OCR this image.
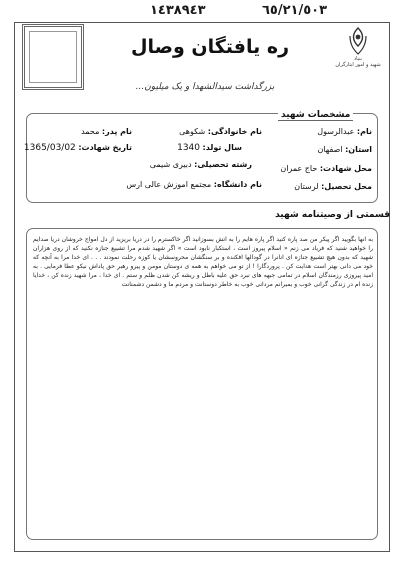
١٤٣٨٩٤٣	٦٥/٢١/٥٠٣
بنیاد
شهید و امور ایثارگران
ره یافتگان وصال
بزرگداشت سیدالشهدا و یک میلیون...
مشخصات شهید
نام: عبدالرسول
نام خانوادگی: شکوهی
نام پدر: محمد
استان: اصفهان
سال تولد: 1340
تاریخ شهادت: 1365/03/02
محل شهادت: حاج عمران
رشته تحصیلی: دبیری شیمی
محل تحصیل: لرستان
نام دانشگاه: مجتمع اموزش عالی ارس
قسمتی از وصیتنامه شهید
به انها بگویید اگر پیکر من صد پاره کنید اگر پاره هایم را به اتش بسوزانید اگر خاکسترم را در دریا بریزید از دل امواج خروشان دریا صدایم را خواهید شنید که فریاد می زنم « اسلام پیروز است ، استکبار نابود است » اگر شهید شدم مرا تشییع جنازه نکنید که از روی هزاران شهید که بدون هیچ تشییع جنازه ای انانرا در گودالها افکنده و بر سنگشان محروسشان یا کوزه رحلت نمودند . . . ای خدا مرا به آنچه که خود می دانی بهتر است هدایت کن . پروردگارا ! از تو می خواهم به همه ی دوستان مومن و پیرو رهبر حق پاداش نیکو عطا فرمایی . به امید پیروزی رزمندگان اسلام در تمامی جبهه های نبرد حق علیه باطل و ریشه کن شدن ظلم و ستم . ای خدا ، مرا شهید زنده کن ، خدایا زنده ام در زندگی گرانی خوب و بمیرانم مردانی خوب به خاطر دوستانت و مردم ما و دشمن دشمنانت
